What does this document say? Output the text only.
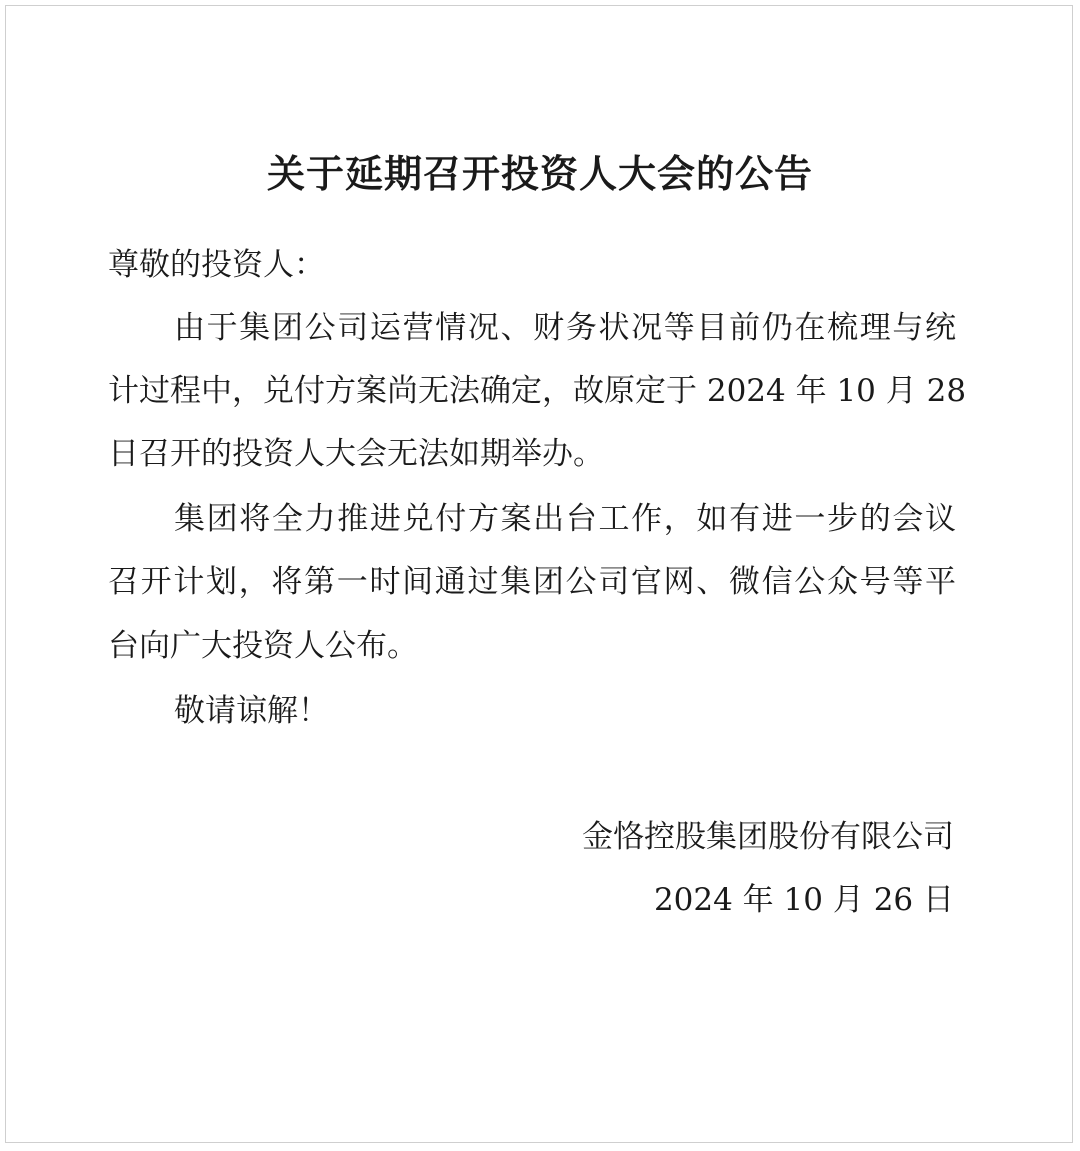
关于延期召开投资人大会的公告

尊敬的投资人：

由于集团公司运营情况、财务状况等目前仍在梳理与统

计过程中，兑付方案尚无法确定，故原定于 2024 年 10 月 28

日召开的投资人大会无法如期举办。

集团将全力推进兑付方案出台工作，如有进一步的会议

召开计划，将第一时间通过集团公司官网、微信公众号等平

台向广大投资人公布。

敬请谅解！

金恪控股集团股份有限公司

2024 年 10 月 26 日
